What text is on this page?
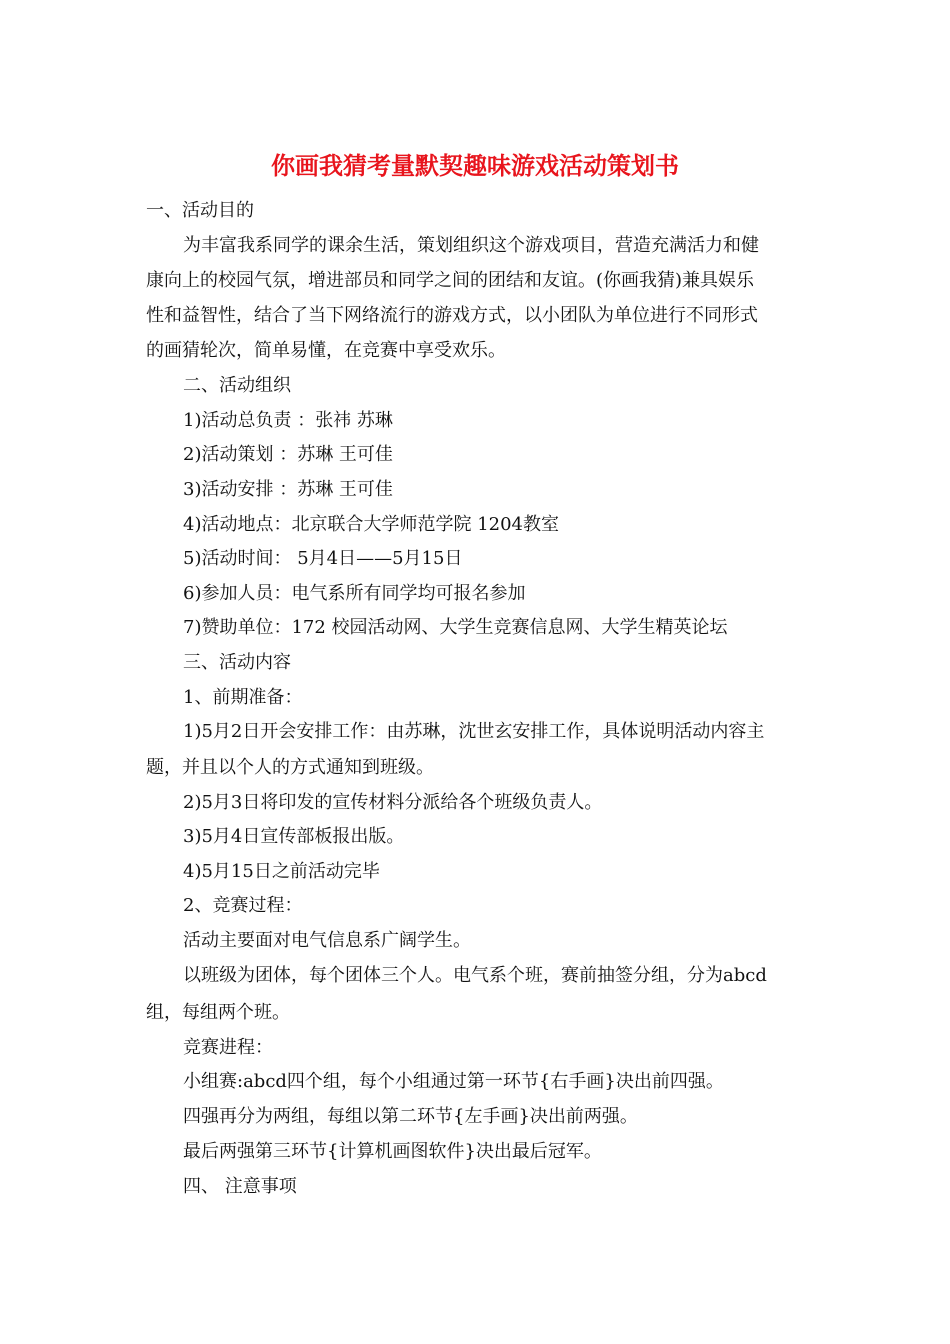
你画我猜考量默契趣味游戏活动策划书
一、活动目的
为丰富我系同学的课余生活，策划组织这个游戏项目，营造充满活力和健
康向上的校园气氛，增进部员和同学之间的团结和友谊。(你画我猜)兼具娱乐
性和益智性，结合了当下网络流行的游戏方式，以小团队为单位进行不同形式
的画猜轮次，简单易懂，在竞赛中享受欢乐。
二、活动组织
1)活动总负责 ：张祎 苏琳
2)活动策划 ：苏琳 王可佳
3)活动安排 ：苏琳 王可佳
4)活动地点：北京联合大学师范学院 1204教室
5)活动时间： 5月4日——5月15日
6)参加人员：电气系所有同学均可报名参加
7)赞助单位：172 校园活动网、大学生竞赛信息网、大学生精英论坛
三、活动内容
1、前期准备：
1)5月2日开会安排工作：由苏琳，沈世玄安排工作，具体说明活动内容主
题，并且以个人的方式通知到班级。
2)5月3日将印发的宣传材料分派给各个班级负责人。
3)5月4日宣传部板报出版。
4)5月15日之前活动完毕
2、竞赛过程：
活动主要面对电气信息系广阔学生。
以班级为团体，每个团体三个人。电气系个班，赛前抽签分组，分为abcd
组，每组两个班。
竞赛进程：
小组赛:abcd四个组，每个小组通过第一环节{右手画}决出前四强。
四强再分为两组，每组以第二环节{左手画}决出前两强。
最后两强第三环节{计算机画图软件}决出最后冠军。
四、 注意事项
